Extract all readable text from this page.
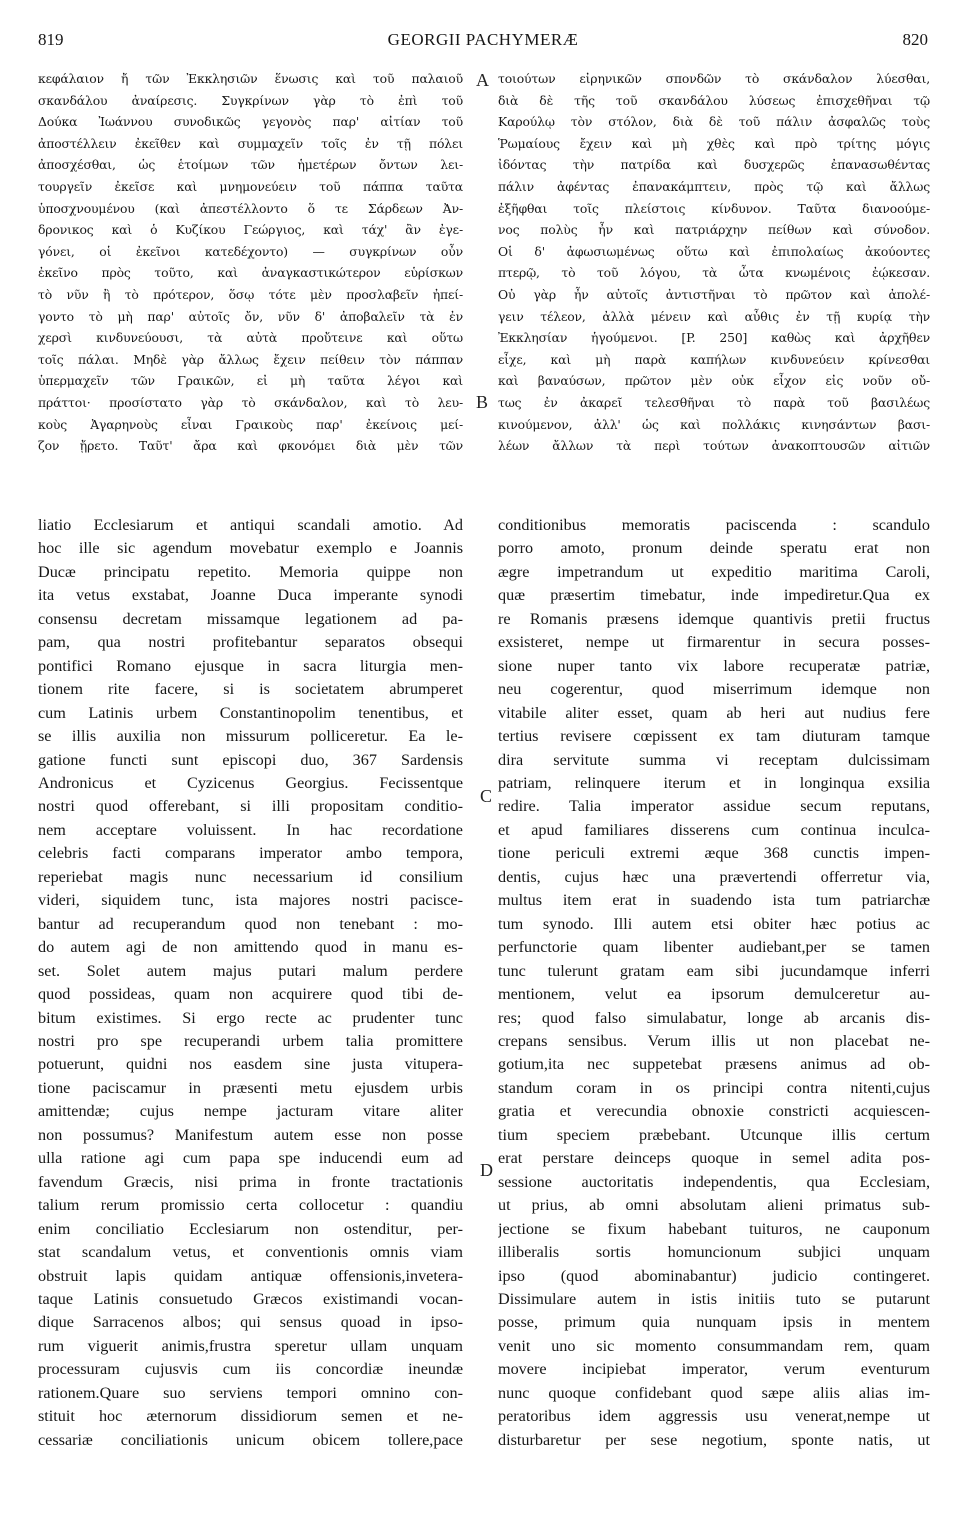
819	GEORGII PACHYMERÆ	820
κεφάλαιον ἤ τῶν Ἐκκλησιῶν ἕνωσις καὶ τοῦ παλαιοῦ
σκανδάλου ἀναίρεσις. Συγκρίνων γὰρ τὸ ἐπὶ τοῦ
Δούκα Ἰωάννου συνοδικῶς γεγονὸς παρ' αἰτίαν τοῦ
ἀποστέλλειν ἐκεῖθεν καὶ συμμαχεῖν τοῖς ἐν τῇ πόλει
ἀποσχέσθαι, ὡς ἑτοίμων τῶν ἡμετέρων ὄντων λει-
τουργεῖν ἐκεῖσε καὶ μνημονεύειν τοῦ πάππα ταῦτα
ὑποσχνουμένου (καὶ ἀπεστέλλοντο ὅ τε Σάρδεων Ἀν-
δρονικος καὶ ὁ Κυζίκου Γεώργιος, καὶ τάχ' ἂν ἐγε-
γόνει, οἱ ἐκεῖνοι κατεδέχοντο) — συγκρίνων οὖν
ἐκεῖνο πρὸς τοῦτο, καὶ ἀναγκαστικώτερον εὑρίσκων
τὸ νῦν ἢ τὸ πρότερον, ὅσῳ τότε μὲν προσλαβεῖν ἠπεί-
γοντο τὸ μὴ παρ' αὐτοῖς ὄν, νῦν δ' ἀποβαλεῖν τὰ ἐν
χερσὶ κινδυνεύουσι, τὰ αὐτὰ προὔτεινε καὶ οὕτω
τοῖς πάλαι. Μηδὲ γὰρ ἄλλως ἔχειν πείθειν τὸν πάππαν
ὑπερμαχεῖν τῶν Γραικῶν, εἰ μὴ ταῦτα λέγοι καὶ
πράττοι· προσίστατο γὰρ τὸ σκάνδαλον, καὶ τὸ λευ-
κοὺς Ἀγαρηνοὺς εἶναι Γραικοὺς παρ' ἐκείνοις μεί-
ζον ᾔρετο. Ταῦτ' ἄρα καὶ φκονόμει διὰ μὲν τῶν
τοιούτων εἰρηνικῶν σπονδῶν τὸ σκάνδαλον λύεσθαι,
διὰ δὲ τῆς τοῦ σκανδάλου λύσεως ἐπισχεθῆναι τῷ
Καρούλῳ τὸν στόλον, διὰ δὲ τοῦ πάλιν ἀσφαλῶς τοὺς
Ῥωμαίους ἔχειν καὶ μὴ χθὲς καὶ πρὸ τρίτης μόγις
ἰδόντας τὴν πατρίδα καὶ δυσχερῶς ἐπανασωθέντας
πάλιν ἀφέντας ἐπανακάμπτειν, πρὸς τῷ καὶ ἄλλως
ἐξῆφθαι τοῖς πλείστοις κίνδυνον. Ταῦτα διανοούμε-
νος πολὺς ἦν καὶ πατριάρχην πείθων καὶ σύνοδον.
Οἱ δ' ἀφωσιωμένως οὕτω καὶ ἐπιπολαίως ἀκούοντες
πτερῷ, τὸ τοῦ λόγου, τὰ ὦτα κνωμένοις ἐῴκεσαν.
Οὐ γὰρ ἦν αὐτοῖς ἀντιστῆναι τὸ πρῶτον καὶ ἀπολέ-
γειν τέλεον, ἀλλὰ μένειν καὶ αὖθις ἐν τῇ κυρίᾳ τὴν
Ἐκκλησίαν ἡγούμενοι. [P. 250] καθὼς καὶ ἀρχῆθεν
εἶχε, καὶ μὴ παρὰ καπήλων κινδυνεύειν κρίνεσθαι
καὶ βαναύσων, πρῶτον μὲν οὐκ εἶχον εἰς νοῦν οὔ-
τως ἐν ἀκαρεῖ τελεσθῆναι τὸ παρὰ τοῦ βασιλέως
κινούμενον, ἀλλ' ὡς καὶ πολλάκις κινησάντων βασι-
λέων ἄλλων τὰ περὶ τούτων ἀνακοπτουσῶν αἰτιῶν
A
B
liatio Ecclesiarum et antiqui scandali amotio. Ad
hoc ille sic agendum movebatur exemplo e Joannis
Ducæ principatu repetito. Memoria quippe non
ita vetus exstabat, Joanne Duca imperante synodi
consensu decretam missamque legationem ad pa-
pam, qua nostri profitebantur separatos obsequi
pontifici Romano ejusque in sacra liturgia men-
tionem rite facere, si is societatem abrumperet
cum Latinis urbem Constantinopolim tenentibus, et
se illis auxilia non missurum polliceretur. Ea le-
gatione functi sunt episcopi duo, 367 Sardensis
Andronicus et Cyzicenus Georgius. Fecissentque
nostri quod offerebant, si illi propositam conditio-
nem acceptare voluissent. In hac recordatione
celebris facti comparans imperator ambo tempora,
reperiebat magis nunc necessarium id consilium
videri, siquidem tunc, ista majores nostri pacisce-
bantur ad recuperandum quod non tenebant : mo-
do autem agi de non amittendo quod in manu es-
set. Solet autem majus putari malum perdere
quod possideas, quam non acquirere quod tibi de-
bitum existimes. Si ergo recte ac prudenter tunc
nostri pro spe recuperandi urbem talia promittere
potuerunt, quidni nos easdem sine justa vitupera-
tione paciscamur in præsenti metu ejusdem urbis
amittendæ; cujus nempe jacturam vitare aliter
non possumus? Manifestum autem esse non posse
ulla ratione agi cum papa spe inducendi eum ad
favendum Græcis, nisi prima in fronte tractationis
talium rerum promissio certa collocetur : quandiu
enim conciliatio Ecclesiarum non ostenditur, per-
stat scandalum vetus, et conventionis omnis viam
obstruit lapis quidam antiquæ offensionis,invetera-
taque Latinis consuetudo Græcos existimandi vocan-
dique Sarracenos albos; qui sensus quoad in ipso-
rum viguerit animis,frustra speretur ullam unquam
processuram cujusvis cum iis concordiæ ineundæ
rationem.Quare suo serviens tempori omnino con-
stituit hoc æternorum dissidiorum semen et ne-
cessariæ conciliationis unicum obicem tollere,pace
conditionibus memoratis paciscenda : scandulo
porro amoto, pronum deinde speratu erat non
ægre impetrandum ut expeditio maritima Caroli,
quæ præsertim timebatur, inde impediretur.Qua ex
re Romanis præsens idemque quantivis pretii fructus
exsisteret, nempe ut firmarentur in secura posses-
sione nuper tanto vix labore recuperatæ patriæ,
neu cogerentur, quod miserrimum idemque non
vitabile aliter esset, quam ab heri aut nudius fere
tertius revisere cœpissent ex tam diuturam tamque
dira servitute summa vi receptam dulcissimam
patriam, relinquere iterum et in longinqua exsilia
redire. Talia imperator assidue secum reputans,
et apud familiares disserens cum continua inculca-
tione periculi extremi æque 368 cunctis impen-
dentis, cujus hæc una prævertendi offerretur via,
multus item erat in suadendo ista tum patriarchæ
tum synodo. Illi autem etsi obiter hæc potius ac
perfunctorie quam libenter audiebant,per se tamen
tunc tulerunt gratam eam sibi jucundamque inferri
mentionem, velut ea ipsorum demulceretur au-
res; quod falso simulabatur, longe ab arcanis dis-
crepans sensibus. Verum illis ut non placebat ne-
gotium,ita nec suppetebat præsens animus ad ob-
standum coram in os principi contra nitenti,cujus
gratia et verecundia obnoxie constricti acquiescen-
tium speciem præbebant. Utcunque illis certum
erat perstare deinceps quoque in semel adita pos-
sessione auctoritatis independentis, qua Ecclesiam,
ut prius, ab omni absolutam alieni primatus sub-
jectione se fixum habebant tuituros, ne cauponum
illiberalis sortis homuncionum subjici unquam
ipso (quod abominabantur) judicio contingeret.
Dissimulare autem in istis initiis tuto se putarunt
posse, primum quia nunquam ipsis in mentem
venit uno sic momento consummandam rem, quam
movere incipiebat imperator, verum eventurum
nunc quoque confidebant quod sæpe aliis alias im-
peratoribus idem aggressis usu venerat,nempe ut
disturbaretur per sese negotium, sponte natis, ut
C
D
